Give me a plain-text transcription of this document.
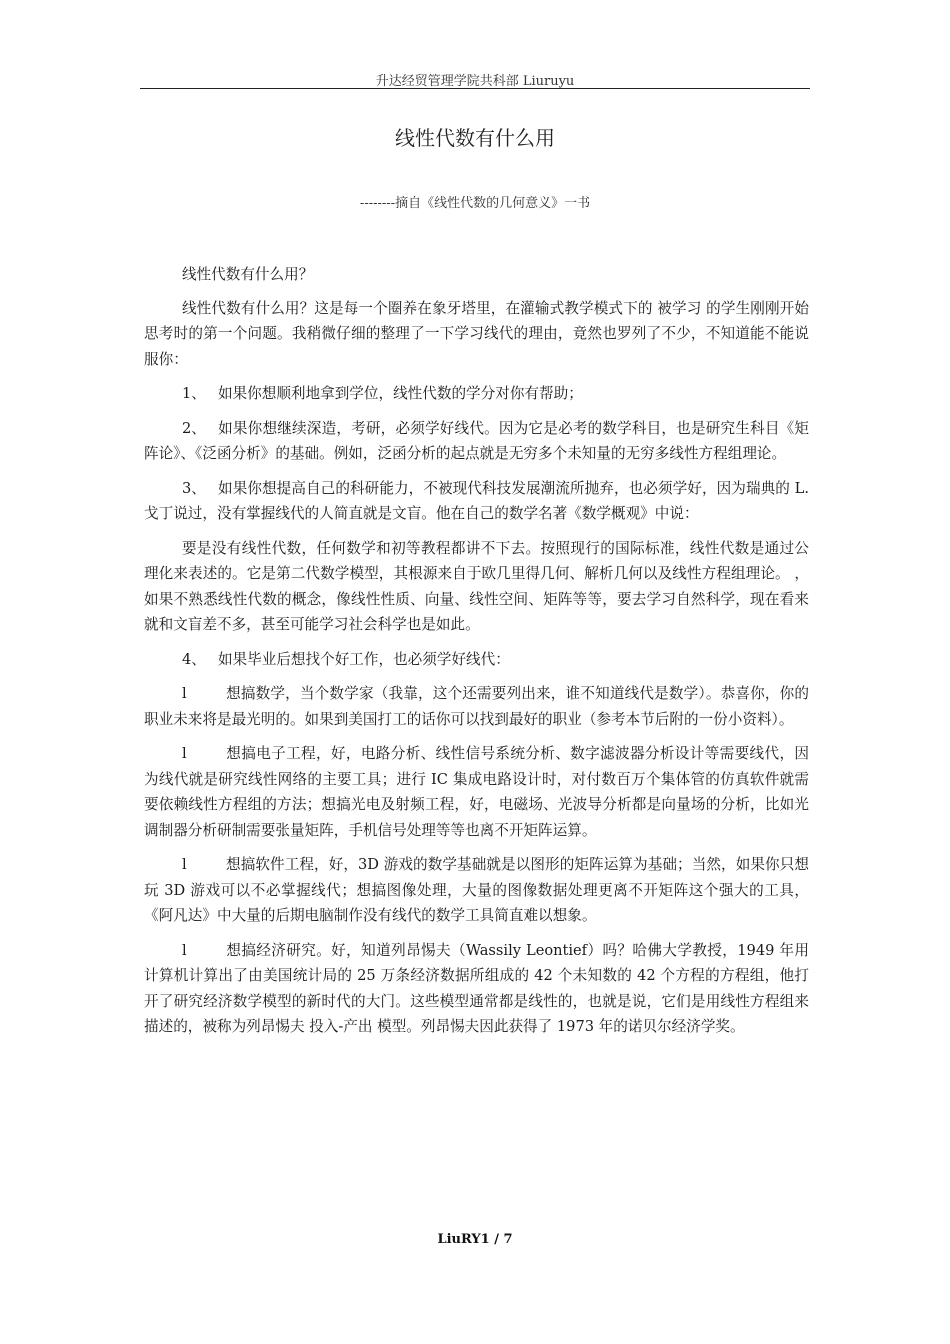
升达经贸管理学院共科部 Liuruyu
线性代数有什么用
--------摘自《线性代数的几何意义》一书

线性代数有什么用？

线性代数有什么用？这是每一个圈养在象牙塔里，在灌输式教学模式下的 被学习 的学生刚刚开始思考时的第一个问题。我稍微仔细的整理了一下学习线代的理由，竟然也罗列了不少，不知道能不能说服你：

1、 如果你想顺利地拿到学位，线性代数的学分对你有帮助；

2、 如果你想继续深造，考研，必须学好线代。因为它是必考的数学科目，也是研究生科目《矩阵论》、《泛函分析》的基础。例如，泛函分析的起点就是无穷多个未知量的无穷多线性方程组理论。

3、 如果你想提高自己的科研能力，不被现代科技发展潮流所抛弃，也必须学好，因为瑞典的 L.戈丁说过，没有掌握线代的人简直就是文盲。他在自己的数学名著《数学概观》中说：

要是没有线性代数，任何数学和初等教程都讲不下去。按照现行的国际标准，线性代数是通过公理化来表述的。它是第二代数学模型，其根源来自于欧几里得几何、解析几何以及线性方程组理论。 ，如果不熟悉线性代数的概念，像线性性质、向量、线性空间、矩阵等等，要去学习自然科学，现在看来就和文盲差不多，甚至可能学习社会科学也是如此。

4、 如果毕业后想找个好工作，也必须学好线代：

l	想搞数学，当个数学家（我靠，这个还需要列出来，谁不知道线代是数学）。恭喜你，你的职业未来将是最光明的。如果到美国打工的话你可以找到最好的职业（参考本节后附的一份小资料）。

l	想搞电子工程，好，电路分析、线性信号系统分析、数字滤波器分析设计等需要线代，因为线代就是研究线性网络的主要工具；进行 IC 集成电路设计时，对付数百万个集体管的仿真软件就需要依赖线性方程组的方法；想搞光电及射频工程，好，电磁场、光波导分析都是向量场的分析，比如光调制器分析研制需要张量矩阵，手机信号处理等等也离不开矩阵运算。

l	想搞软件工程，好，3D 游戏的数学基础就是以图形的矩阵运算为基础；当然，如果你只想玩 3D 游戏可以不必掌握线代；想搞图像处理，大量的图像数据处理更离不开矩阵这个强大的工具，《阿凡达》中大量的后期电脑制作没有线代的数学工具简直难以想象。

l	想搞经济研究。好，知道列昂惕夫（Wassily Leontief）吗？哈佛大学教授，1949 年用计算机计算出了由美国统计局的 25 万条经济数据所组成的 42 个未知数的 42 个方程的方程组，他打开了研究经济数学模型的新时代的大门。这些模型通常都是线性的，也就是说，它们是用线性方程组来描述的，被称为列昂惕夫 投入-产出 模型。列昂惕夫因此获得了 1973 年的诺贝尔经济学奖。

LiuRY1 / 7
